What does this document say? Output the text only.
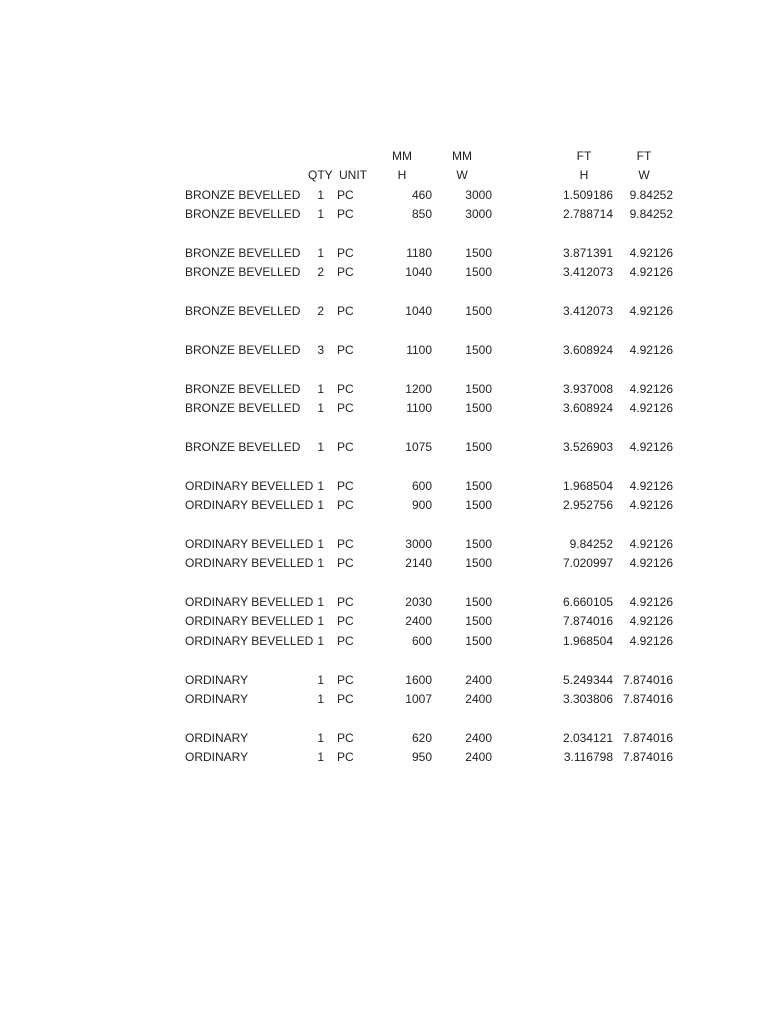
MM	MM	FT	FT
QTY UNIT	H	W	H	W
BRONZE BEVELLED	1 PC	460	3000	1.509186	9.84252
BRONZE BEVELLED	1 PC	850	3000	2.788714	9.84252
BRONZE BEVELLED	1 PC	1180	1500	3.871391	4.92126
BRONZE BEVELLED	2 PC	1040	1500	3.412073	4.92126
BRONZE BEVELLED	2 PC	1040	1500	3.412073	4.92126
BRONZE BEVELLED	3 PC	1100	1500	3.608924	4.92126
BRONZE BEVELLED	1 PC	1200	1500	3.937008	4.92126
BRONZE BEVELLED	1 PC	1100	1500	3.608924	4.92126
BRONZE BEVELLED	1 PC	1075	1500	3.526903	4.92126
ORDINARY BEVELLED 1 PC	600	1500	1.968504	4.92126
ORDINARY BEVELLED 1 PC	900	1500	2.952756	4.92126
ORDINARY BEVELLED 1 PC	3000	1500	9.84252	4.92126
ORDINARY BEVELLED 1 PC	2140	1500	7.020997	4.92126
ORDINARY BEVELLED 1 PC	2030	1500	6.660105	4.92126
ORDINARY BEVELLED 1 PC	2400	1500	7.874016	4.92126
ORDINARY BEVELLED 1 PC	600	1500	1.968504	4.92126
ORDINARY	1 PC	1600	2400	5.249344 7.874016
ORDINARY	1 PC	1007	2400	3.303806 7.874016
ORDINARY	1 PC	620	2400	2.034121 7.874016
ORDINARY	1 PC	950	2400	3.116798 7.874016
